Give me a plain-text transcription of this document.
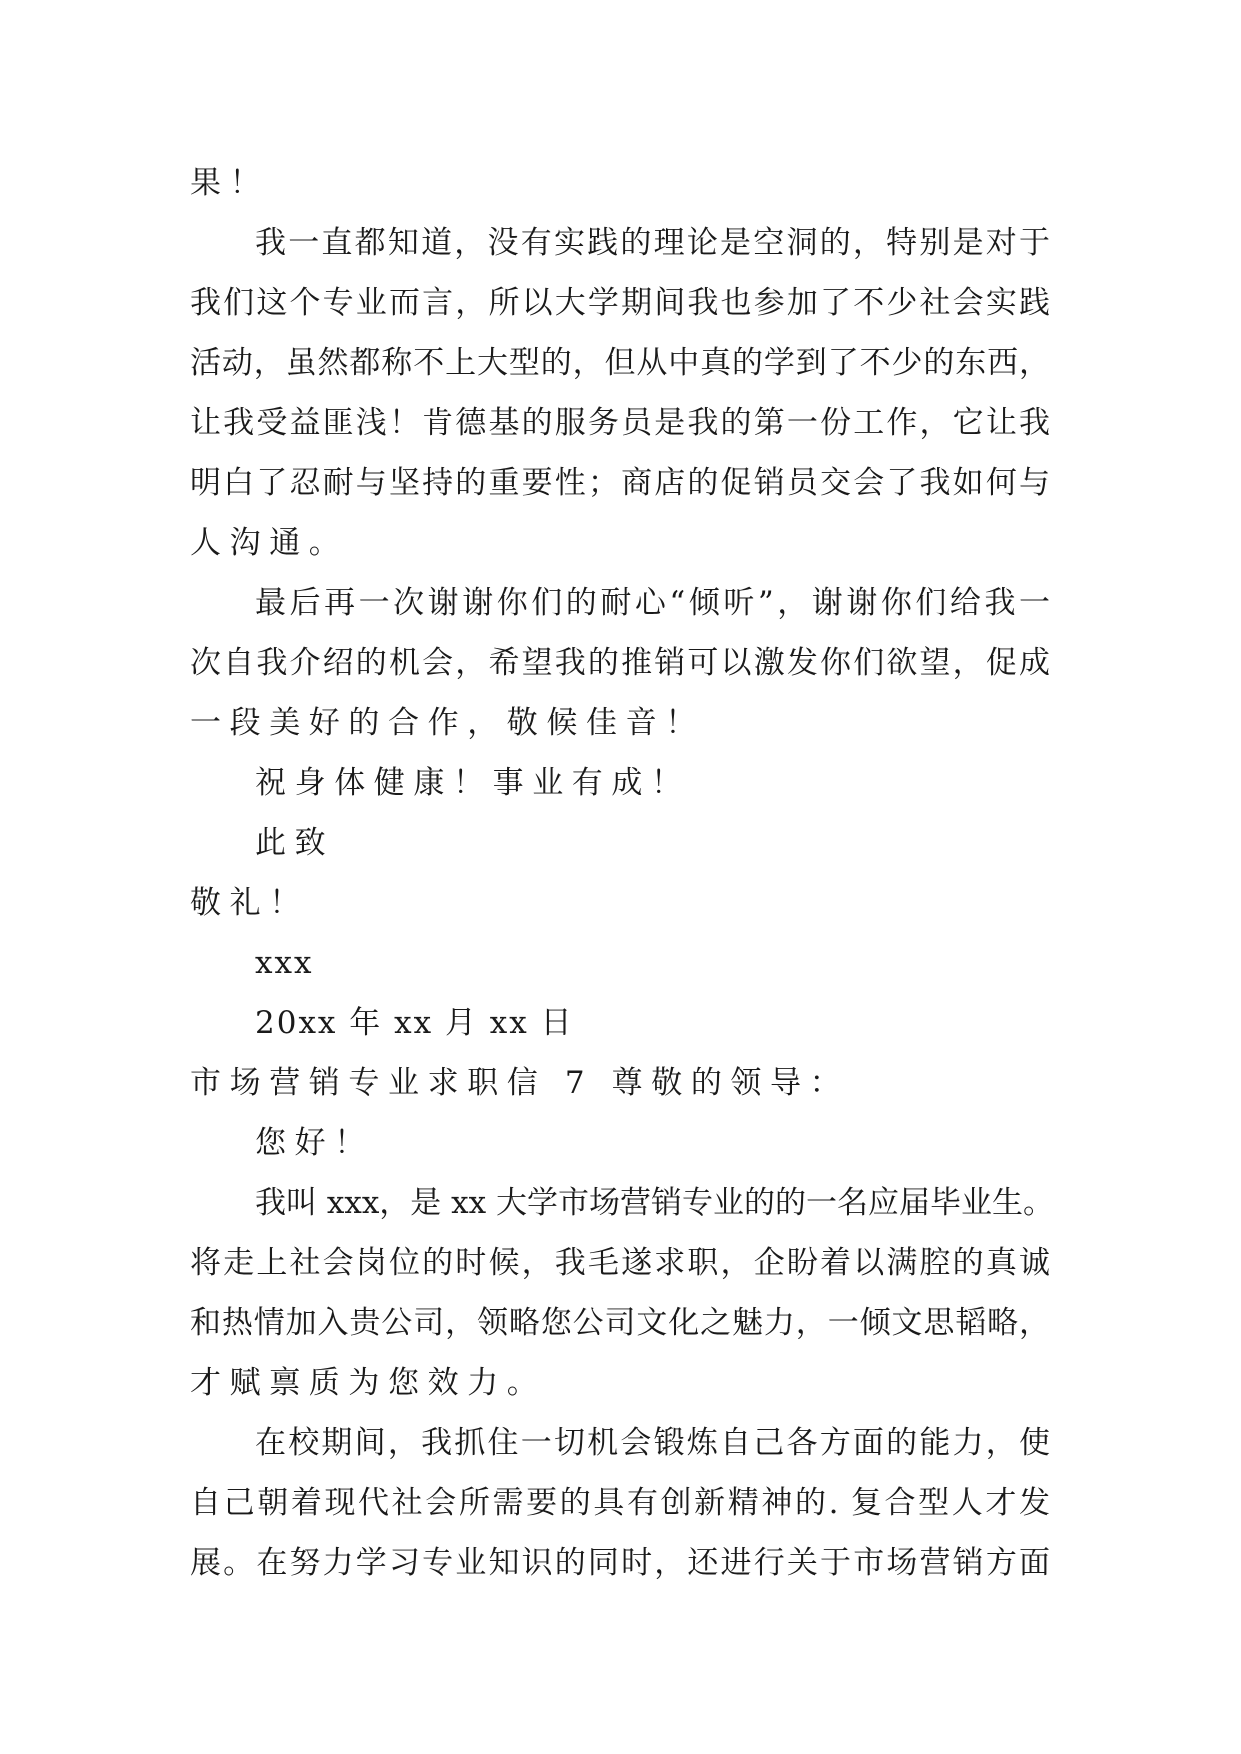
果！
我一直都知道，没有实践的理论是空洞的，特别是对于
我们这个专业而言，所以大学期间我也参加了不少社会实践
活动，虽然都称不上大型的，但从中真的学到了不少的东西，
让我受益匪浅！肯德基的服务员是我的第一份工作，它让我
明白了忍耐与坚持的重要性；商店的促销员交会了我如何与
人沟通。
最后再一次谢谢你们的耐心“倾听”，谢谢你们给我一
次自我介绍的机会，希望我的推销可以激发你们欲望，促成
一段美好的合作，敬候佳音！
祝身体健康！事业有成！
此致
敬礼！
xxx
20xx 年 xx 月 xx 日
市场营销专业求职信 7 尊敬的领导：
您好！
我叫 xxx，是 xx 大学市场营销专业的的一名应届毕业生。
将走上社会岗位的时候，我毛遂求职，企盼着以满腔的真诚
和热情加入贵公司，领略您公司文化之魅力，一倾文思韬略，
才赋禀质为您效力。
在校期间，我抓住一切机会锻炼自己各方面的能力，使
自己朝着现代社会所需要的具有创新精神的. 复合型人才发
展。在努力学习专业知识的同时，还进行关于市场营销方面
